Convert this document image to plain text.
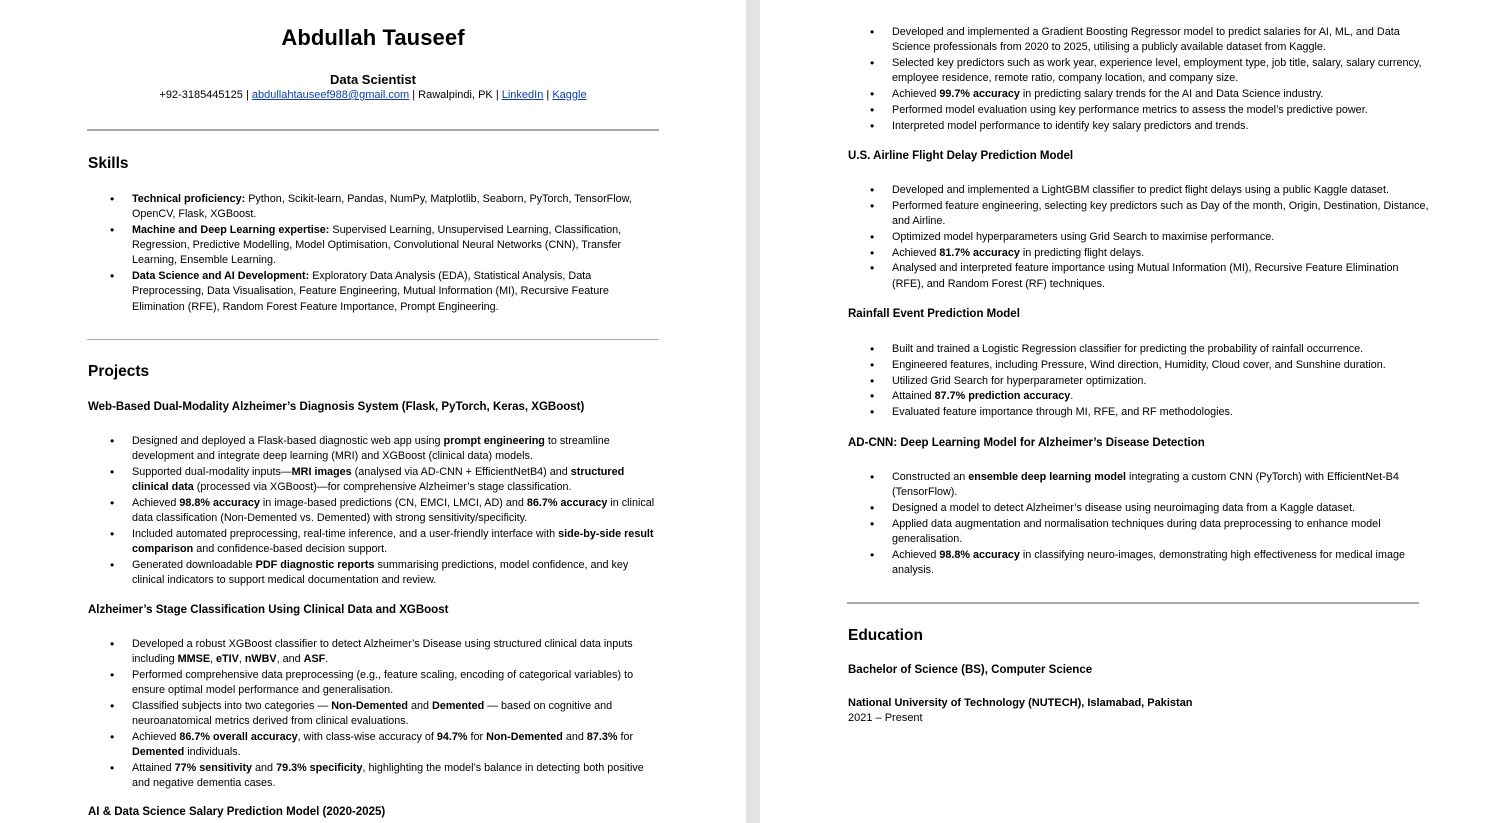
Abdullah Tauseef
Data Scientist
+92-3185445125 | abdullahtauseef988@gmail.com | Rawalpindi, PK | LinkedIn | Kaggle
Skills
• Technical proficiency: Python, Scikit-learn, Pandas, NumPy, Matplotlib, Seaborn, PyTorch, TensorFlow, OpenCV, Flask, XGBoost.
• Machine and Deep Learning expertise: Supervised Learning, Unsupervised Learning, Classification, Regression, Predictive Modelling, Model Optimisation, Convolutional Neural Networks (CNN), Transfer Learning, Ensemble Learning.
• Data Science and AI Development: Exploratory Data Analysis (EDA), Statistical Analysis, Data Preprocessing, Data Visualisation, Feature Engineering, Mutual Information (MI), Recursive Feature Elimination (RFE), Random Forest Feature Importance, Prompt Engineering.
Projects
Web-Based Dual-Modality Alzheimer’s Diagnosis System (Flask, PyTorch, Keras, XGBoost)
• Designed and deployed a Flask-based diagnostic web app using prompt engineering to streamline development and integrate deep learning (MRI) and XGBoost (clinical data) models.
• Supported dual-modality inputs—MRI images (analysed via AD-CNN + EfficientNetB4) and structured clinical data (processed via XGBoost)—for comprehensive Alzheimer’s stage classification.
• Achieved 98.8% accuracy in image-based predictions (CN, EMCI, LMCI, AD) and 86.7% accuracy in clinical data classification (Non-Demented vs. Demented) with strong sensitivity/specificity.
• Included automated preprocessing, real-time inference, and a user-friendly interface with side-by-side result comparison and confidence-based decision support.
• Generated downloadable PDF diagnostic reports summarising predictions, model confidence, and key clinical indicators to support medical documentation and review.
Alzheimer’s Stage Classification Using Clinical Data and XGBoost
• Developed a robust XGBoost classifier to detect Alzheimer’s Disease using structured clinical data inputs including MMSE, eTIV, nWBV, and ASF.
• Performed comprehensive data preprocessing (e.g., feature scaling, encoding of categorical variables) to ensure optimal model performance and generalisation.
• Classified subjects into two categories — Non-Demented and Demented — based on cognitive and neuroanatomical metrics derived from clinical evaluations.
• Achieved 86.7% overall accuracy, with class-wise accuracy of 94.7% for Non-Demented and 87.3% for Demented individuals.
• Attained 77% sensitivity and 79.3% specificity, highlighting the model’s balance in detecting both positive and negative dementia cases.
AI & Data Science Salary Prediction Model (2020-2025)
• Developed and implemented a Gradient Boosting Regressor model to predict salaries for AI, ML, and Data Science professionals from 2020 to 2025, utilising a publicly available dataset from Kaggle.
• Selected key predictors such as work year, experience level, employment type, job title, salary, salary currency, employee residence, remote ratio, company location, and company size.
• Achieved 99.7% accuracy in predicting salary trends for the AI and Data Science industry.
• Performed model evaluation using key performance metrics to assess the model’s predictive power.
• Interpreted model performance to identify key salary predictors and trends.
U.S. Airline Flight Delay Prediction Model
• Developed and implemented a LightGBM classifier to predict flight delays using a public Kaggle dataset.
• Performed feature engineering, selecting key predictors such as Day of the month, Origin, Destination, Distance, and Airline.
• Optimized model hyperparameters using Grid Search to maximise performance.
• Achieved 81.7% accuracy in predicting flight delays.
• Analysed and interpreted feature importance using Mutual Information (MI), Recursive Feature Elimination (RFE), and Random Forest (RF) techniques.
Rainfall Event Prediction Model
• Built and trained a Logistic Regression classifier for predicting the probability of rainfall occurrence.
• Engineered features, including Pressure, Wind direction, Humidity, Cloud cover, and Sunshine duration.
• Utilized Grid Search for hyperparameter optimization.
• Attained 87.7% prediction accuracy.
• Evaluated feature importance through MI, RFE, and RF methodologies.
AD-CNN: Deep Learning Model for Alzheimer’s Disease Detection
• Constructed an ensemble deep learning model integrating a custom CNN (PyTorch) with EfficientNet-B4 (TensorFlow).
• Designed a model to detect Alzheimer’s disease using neuroimaging data from a Kaggle dataset.
• Applied data augmentation and normalisation techniques during data preprocessing to enhance model generalisation.
• Achieved 98.8% accuracy in classifying neuro-images, demonstrating high effectiveness for medical image analysis.
Education
Bachelor of Science (BS), Computer Science
National University of Technology (NUTECH), Islamabad, Pakistan
2021 – Present
